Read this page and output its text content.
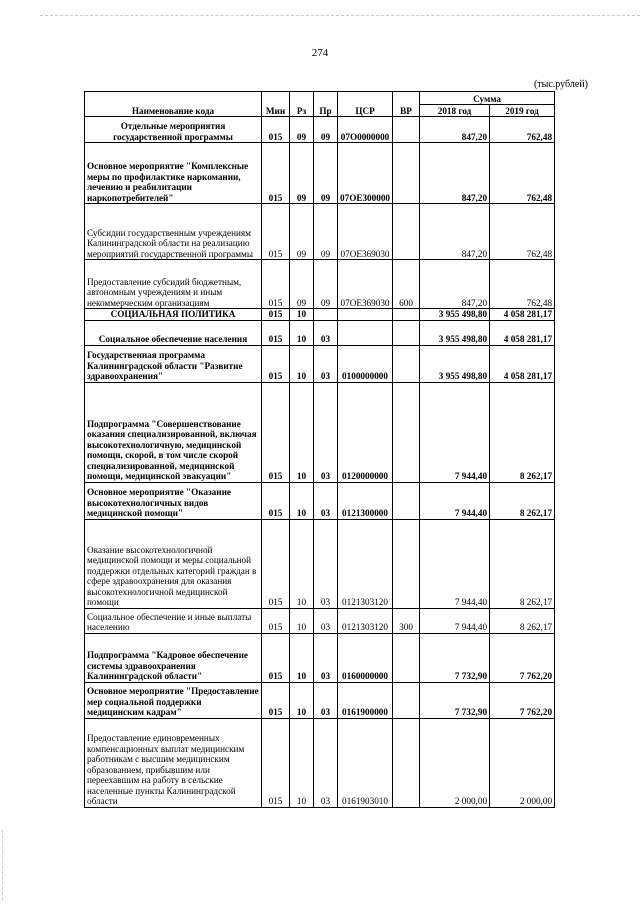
274
(тыс.рублей)
Наименование кода	Мин	Рз	Пр	ЦСР	ВР	Сумма	
						2018 год	2019 год
Отдельные мероприятия государственной программы	015	09	09	07О0000000		847,20	762,48
Основное мероприятие "Комплексные меры по профилактике наркомании, лечению и реабилитации наркопотребителей"	015	09	09	07ОЕ300000		847,20	762,48
Субсидии государственным учреждениям Калининградской области на реализацию мероприятий государственной программы	015	09	09	07ОЕ369030		847,20	762,48
Предоставление субсидий бюджетным, автономным учреждениям и иным некоммерческим организациям	015	09	09	07ОЕ369030	600	847,20	762,48
СОЦИАЛЬНАЯ ПОЛИТИКА	015	10				3 955 498,80	4 058 281,17
Социальное обеспечение населения	015	10	03			3 955 498,80	4 058 281,17
Государственная программа Калининградской области "Развитие здравоохранения"	015	10	03	0100000000		3 955 498,80	4 058 281,17
Подпрограмма "Совершенствование оказания специализированной, включая высокотехнологичную, медицинской помощи, скорой, в том числе скорой специализированной, медицинской помощи, медицинской эвакуации"	015	10	03	0120000000		7 944,40	8 262,17
Основное мероприятие "Оказание высокотехнологичных видов медицинской помощи"	015	10	03	0121300000		7 944,40	8 262,17
Оказание высокотехнологичной медицинской помощи и меры социальной поддержки отдельных категорий граждан в сфере здравоохранения для оказания высокотехнологичной медицинской помощи	015	10	03	0121303120		7 944,40	8 262,17
Социальное обеспечение и иные выплаты населению	015	10	03	0121303120	300	7 944,40	8 262,17
Подпрограмма "Кадровое обеспечение системы здравоохранения Калининградской области"	015	10	03	0160000000		7 732,90	7 762,20
Основное мероприятие "Предоставление мер социальной поддержки медицинским кадрам"	015	10	03	0161900000		7 732,90	7 762,20
Предоставление единовременных компенсационных выплат медицинским работникам с высшим медицинским образованием, прибывшим или переехавшим на работу в сельские населенные пункты Калининградской области	015	10	03	0161903010		2 000,00	2 000,00
